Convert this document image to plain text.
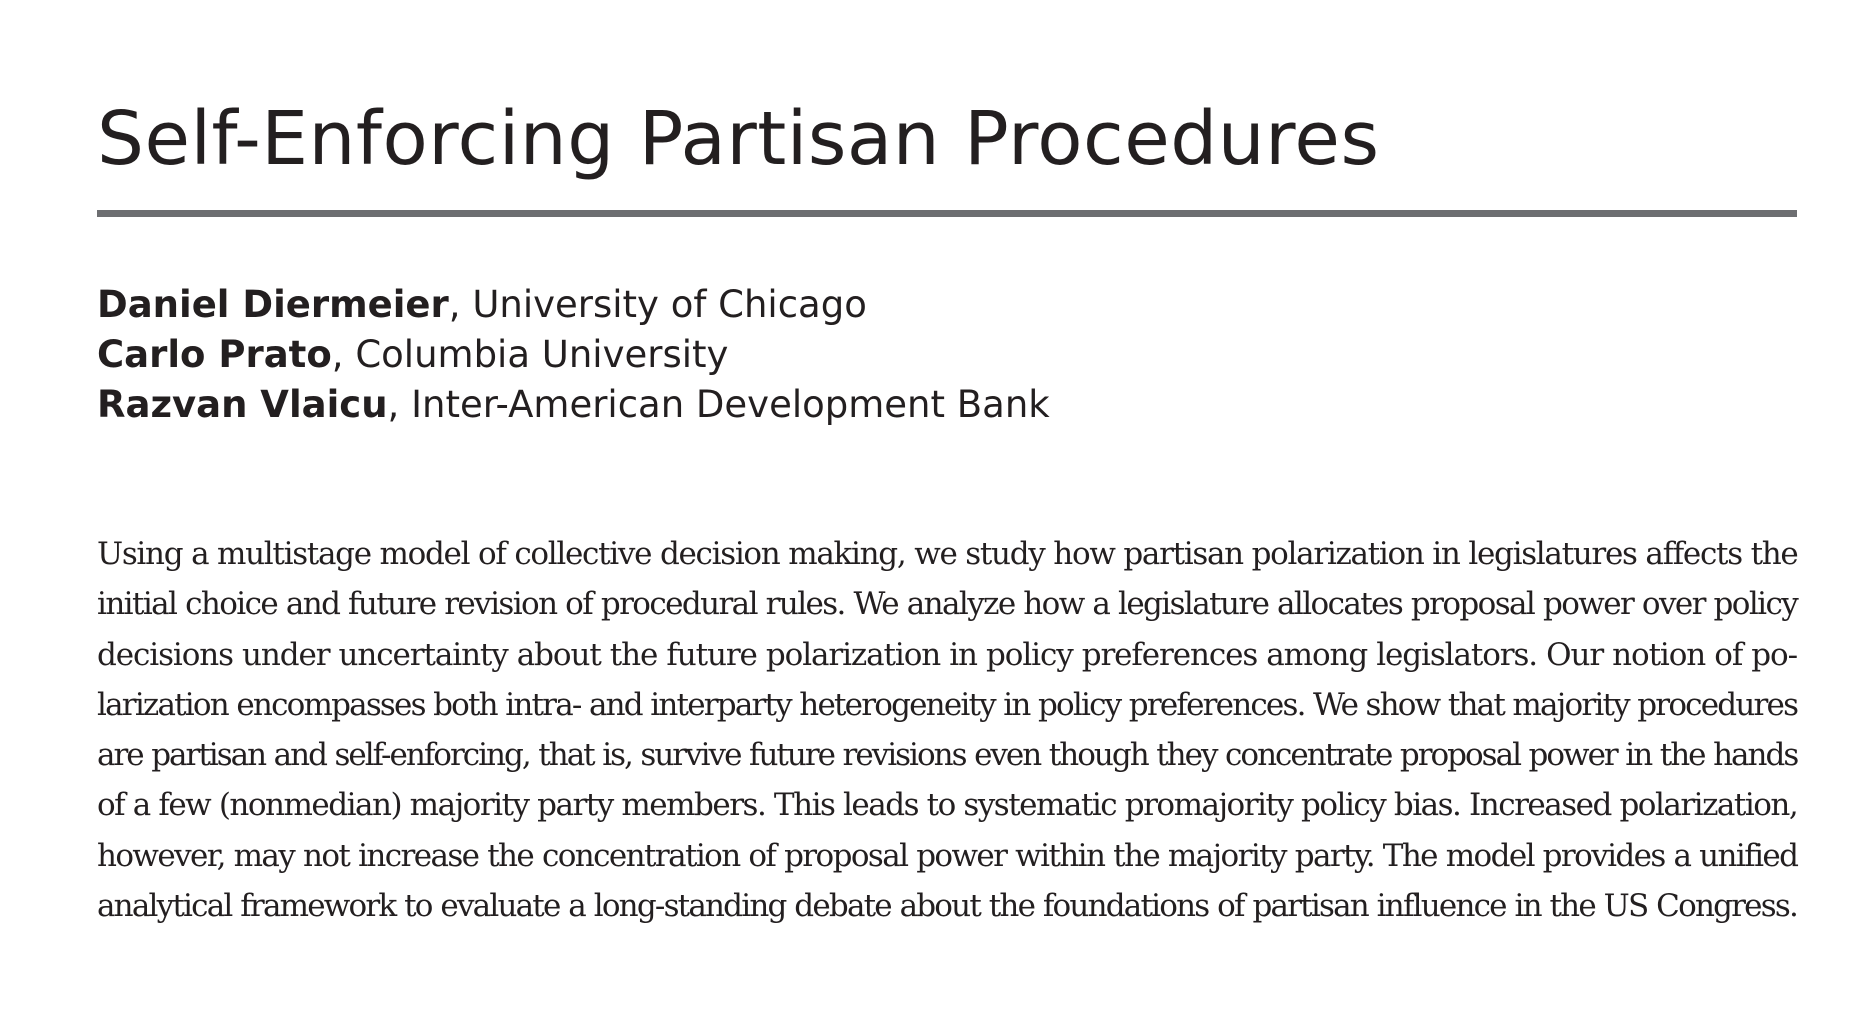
Self-Enforcing Partisan Procedures
Daniel Diermeier, University of Chicago
Carlo Prato, Columbia University
Razvan Vlaicu, Inter-American Development Bank
Using a multistage model of collective decision making, we study how partisan polarization in legislatures affects the
initial choice and future revision of procedural rules. We analyze how a legislature allocates proposal power over policy
decisions under uncertainty about the future polarization in policy preferences among legislators. Our notion of po-
larization encompasses both intra- and interparty heterogeneity in policy preferences. We show that majority procedures
are partisan and self-enforcing, that is, survive future revisions even though they concentrate proposal power in the hands
of a few (nonmedian) majority party members. This leads to systematic promajority policy bias. Increased polarization,
however, may not increase the concentration of proposal power within the majority party. The model provides a unified
analytical framework to evaluate a long-standing debate about the foundations of partisan influence in the US Congress.
